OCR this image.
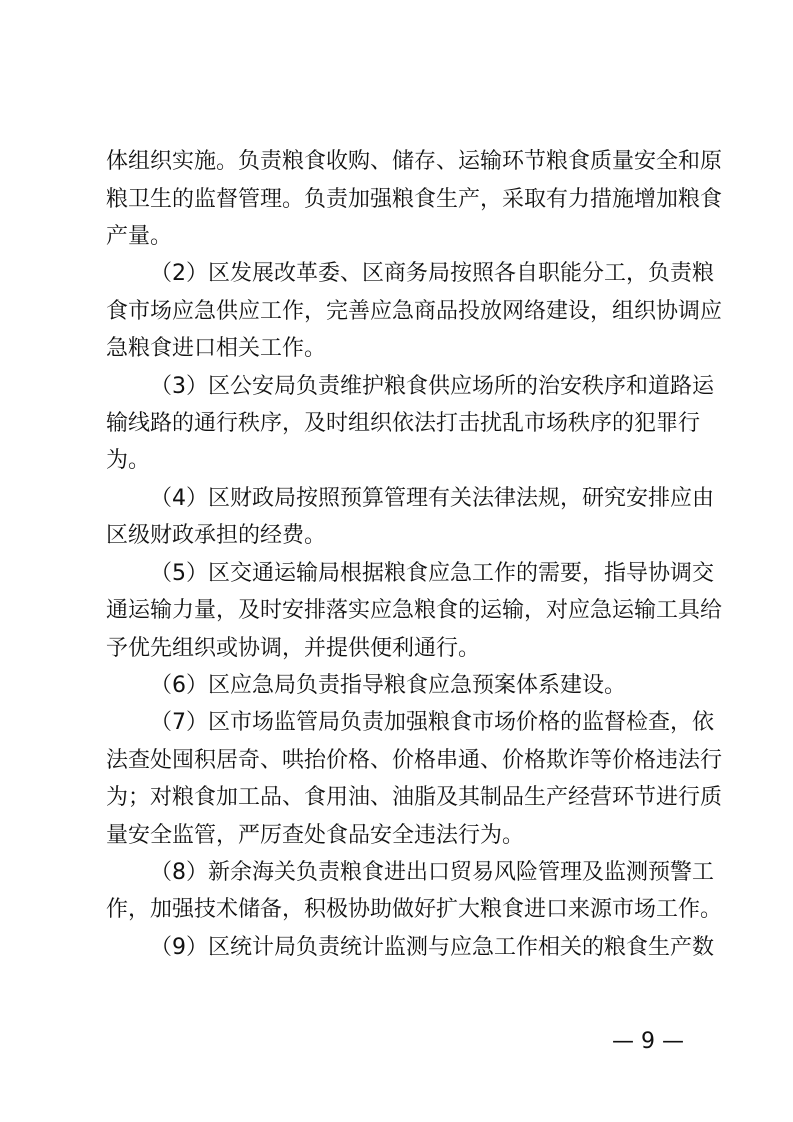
体组织实施。负责粮食收购、储存、运输环节粮食质量安全和原
粮卫生的监督管理。负责加强粮食生产，采取有力措施增加粮食
产量。
（2）区发展改革委、区商务局按照各自职能分工，负责粮
食市场应急供应工作，完善应急商品投放网络建设，组织协调应
急粮食进口相关工作。
（3）区公安局负责维护粮食供应场所的治安秩序和道路运
输线路的通行秩序，及时组织依法打击扰乱市场秩序的犯罪行
为。
（4）区财政局按照预算管理有关法律法规，研究安排应由
区级财政承担的经费。
（5）区交通运输局根据粮食应急工作的需要，指导协调交
通运输力量，及时安排落实应急粮食的运输，对应急运输工具给
予优先组织或协调，并提供便利通行。
（6）区应急局负责指导粮食应急预案体系建设。
（7）区市场监管局负责加强粮食市场价格的监督检查，依
法查处囤积居奇、哄抬价格、价格串通、价格欺诈等价格违法行
为；对粮食加工品、食用油、油脂及其制品生产经营环节进行质
量安全监管，严厉查处食品安全违法行为。
（8）新余海关负责粮食进出口贸易风险管理及监测预警工
作，加强技术储备，积极协助做好扩大粮食进口来源市场工作。
（9）区统计局负责统计监测与应急工作相关的粮食生产数
— 9 —
